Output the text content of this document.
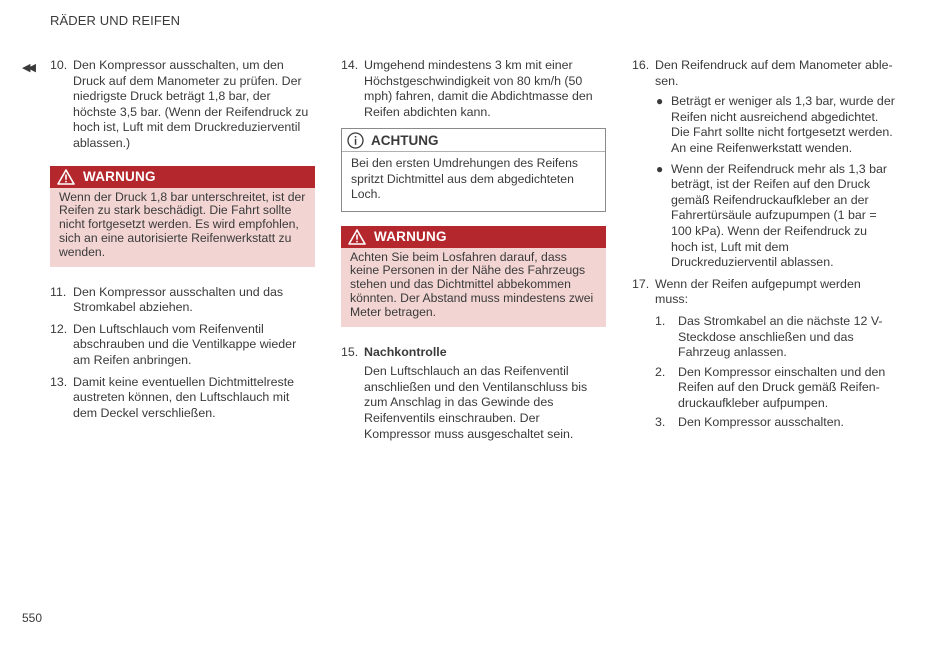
RÄDER UND REIFEN
◀◀ 10. Den Kompressor ausschalten, um den Druck auf dem Manometer zu prüfen. Der niedrigste Druck beträgt 1,8 bar, der höchste 3,5 bar. (Wenn der Reifendruck zu hoch ist, Luft mit dem Druckreduzierventil ablassen.)
WARNUNG
Wenn der Druck 1,8 bar unterschreitet, ist der Reifen zu stark beschädigt. Die Fahrt sollte nicht fortgesetzt werden. Es wird empfohlen, sich an eine autorisierte Reifenwerkstatt zu wenden.
11. Den Kompressor ausschalten und das Stromkabel abziehen.
12. Den Luftschlauch vom Reifenventil abschrauben und die Ventilkappe wieder am Reifen anbringen.
13. Damit keine eventuellen Dichtmittelreste austreten können, den Luftschlauch mit dem Deckel verschließen.
14. Umgehend mindestens 3 km mit einer Höchstgeschwindigkeit von 80 km/h (50 mph) fahren, damit die Abdichtmasse den Reifen abdichten kann.
ACHTUNG
Bei den ersten Umdrehungen des Reifens spritzt Dichtmittel aus dem abgedichteten Loch.
WARNUNG
Achten Sie beim Losfahren darauf, dass keine Personen in der Nähe des Fahrzeugs stehen und das Dichtmittel abbekommen könnten. Der Abstand muss mindestens zwei Meter betragen.
15. Nachkontrolle
Den Luftschlauch an das Reifenventil anschließen und den Ventilanschluss bis zum Anschlag in das Gewinde des Reifenventils einschrauben. Der Kompressor muss ausgeschaltet sein.
16. Den Reifendruck auf dem Manometer ablesen.
● Beträgt er weniger als 1,3 bar, wurde der Reifen nicht ausreichend abgedichtet. Die Fahrt sollte nicht fortgesetzt werden. An eine Reifenwerkstatt wenden.
● Wenn der Reifendruck mehr als 1,3 bar beträgt, ist der Reifen auf den Druck gemäß Reifendruckaufkleber an der Fahrertürsäule aufzupumpen (1 bar = 100 kPa). Wenn der Reifendruck zu hoch ist, Luft mit dem Druckreduzierventil ablassen.
17. Wenn der Reifen aufgepumpt werden muss:
1. Das Stromkabel an die nächste 12 V-Steckdose anschließen und das Fahrzeug anlassen.
2. Den Kompressor einschalten und den Reifen auf den Druck gemäß Reifendruckaufkleber aufpumpen.
3. Den Kompressor ausschalten.
550
